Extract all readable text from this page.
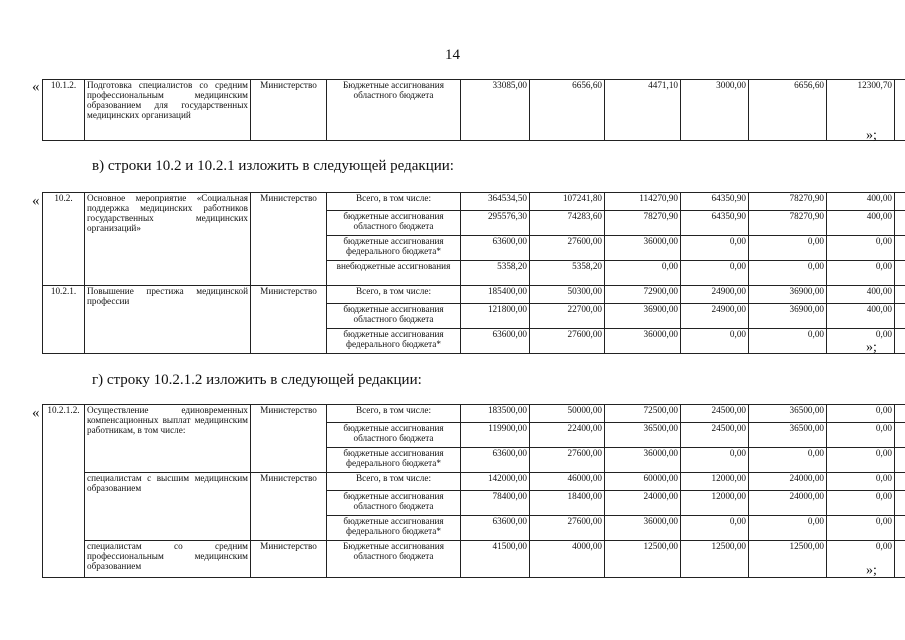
14
« 10.1.2.	Подготовка специалистов со средним профессиональным медицинским образованием для государственных медицинских организаций	Министерство	Бюджетные ассигнования областного бюджета	33085,00	6656,60	4471,10	3000,00	6656,60	12300,70	
»;
в) строки 10.2 и 10.2.1 изложить в следующей редакции:
« 10.2.	Основное мероприятие «Социальная поддержка медицинских работников государственных медицинских организаций»	Министерство	Всего, в том числе:	364534,50	107241,80	114270,90	64350,90	78270,90	400,00	
			бюджетные ассигнования областного бюджета	295576,30	74283,60	78270,90	64350,90	78270,90	400,00	
			бюджетные ассигнования федерального бюджета*	63600,00	27600,00	36000,00	0,00	0,00	0,00	
			внебюджетные ассигнования	5358,20	5358,20	0,00	0,00	0,00	0,00	
10.2.1.	Повышение престижа медицинской профессии	Министерство	Всего, в том числе:	185400,00	50300,00	72900,00	24900,00	36900,00	400,00	
			бюджетные ассигнования областного бюджета	121800,00	22700,00	36900,00	24900,00	36900,00	400,00	
			бюджетные ассигнования федерального бюджета*	63600,00	27600,00	36000,00	0,00	0,00	0,00	
»;
г) строку 10.2.1.2 изложить в следующей редакции:
« 10.2.1.2.	Осуществление единовременных компенсационных выплат медицинским работникам, в том числе:	Министерство	Всего, в том числе:	183500,00	50000,00	72500,00	24500,00	36500,00	0,00	
			бюджетные ассигнования областного бюджета	119900,00	22400,00	36500,00	24500,00	36500,00	0,00	
			бюджетные ассигнования федерального бюджета*	63600,00	27600,00	36000,00	0,00	0,00	0,00	
	специалистам с высшим медицинским образованием	Министерство	Всего, в том числе:	142000,00	46000,00	60000,00	12000,00	24000,00	0,00	
			бюджетные ассигнования областного бюджета	78400,00	18400,00	24000,00	12000,00	24000,00	0,00	
			бюджетные ассигнования федерального бюджета*	63600,00	27600,00	36000,00	0,00	0,00	0,00	
	специалистам со средним профессиональным медицинским образованием	Министерство	Бюджетные ассигнования областного бюджета	41500,00	4000,00	12500,00	12500,00	12500,00	0,00	
»;
